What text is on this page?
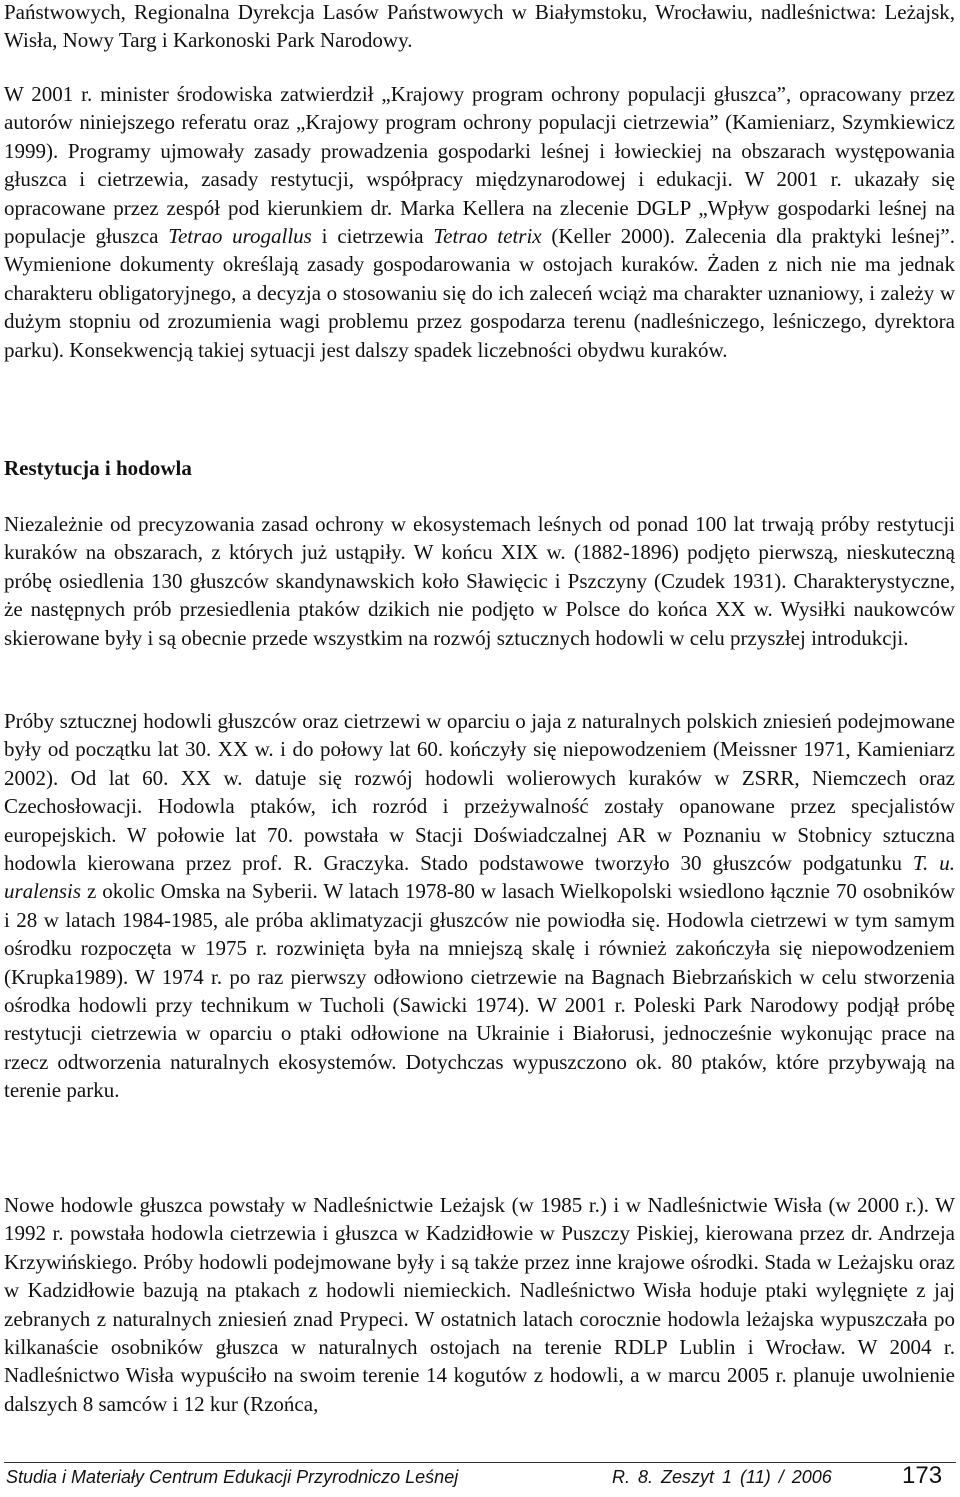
Państwowych, Regionalna Dyrekcja Lasów Państwowych w Białymstoku, Wrocławiu, nadleśnictwa: Leżajsk, Wisła, Nowy Targ i Karkonoski Park Narodowy.

W 2001 r. minister środowiska zatwierdził „Krajowy program ochrony populacji głuszca”, opracowany przez autorów niniejszego referatu oraz „Krajowy program ochrony populacji cietrzewia” (Kamieniarz, Szymkiewicz 1999). Programy ujmowały zasady prowadzenia gospodarki leśnej i łowieckiej na obszarach występowania głuszca i cietrzewia, zasady restytucji, współpracy międzynarodowej i edukacji. W 2001 r. ukazały się opracowane przez zespół pod kierunkiem dr. Marka Kellera na zlecenie DGLP „Wpływ gospodarki leśnej na populacje głuszca Tetrao urogallus i cietrzewia Tetrao tetrix (Keller 2000). Zalecenia dla praktyki leśnej”. Wymienione dokumenty określają zasady gospodarowania w ostojach kuraków. Żaden z nich nie ma jednak charakteru obligatoryjnego, a decyzja o stosowaniu się do ich zaleceń wciąż ma charakter uznaniowy, i zależy w dużym stopniu od zrozumienia wagi problemu przez gospodarza terenu (nadleśniczego, leśniczego, dyrektora parku). Konsekwencją takiej sytuacji jest dalszy spadek liczebności obydwu kuraków.

Restytucja i hodowla

Niezależnie od precyzowania zasad ochrony w ekosystemach leśnych od ponad 100 lat trwają próby restytucji kuraków na obszarach, z których już ustąpiły. W końcu XIX w. (1882-1896) podjęto pierwszą, nieskuteczną próbę osiedlenia 130 głuszców skandynawskich koło Sławięcic i Pszczyny (Czudek 1931). Charakterystyczne, że następnych prób przesiedlenia ptaków dzikich nie podjęto w Polsce do końca XX w. Wysiłki naukowców skierowane były i są obecnie przede wszystkim na rozwój sztucznych hodowli w celu przyszłej introdukcji.

Próby sztucznej hodowli głuszców oraz cietrzewi w oparciu o jaja z naturalnych polskich zniesień podejmowane były od początku lat 30. XX w. i do połowy lat 60. kończyły się niepowodzeniem (Meissner 1971, Kamieniarz 2002). Od lat 60. XX w. datuje się rozwój hodowli wolierowych kuraków w ZSRR, Niemczech oraz Czechosłowacji. Hodowla ptaków, ich rozród i przeżywalność zostały opanowane przez specjalistów europejskich. W połowie lat 70. powstała w Stacji Doświadczalnej AR w Poznaniu w Stobnicy sztuczna hodowla kierowana przez prof. R. Graczyka. Stado podstawowe tworzyło 30 głuszców podgatunku T. u. uralensis z okolic Omska na Syberii. W latach 1978-80 w lasach Wielkopolski wsiedlono łącznie 70 osobników i 28 w latach 1984-1985, ale próba aklimatyzacji głuszców nie powiodła się. Hodowla cietrzewi w tym samym ośrodku rozpoczęta w 1975 r. rozwinięta była na mniejszą skalę i również zakończyła się niepowodzeniem (Krupka1989). W 1974 r. po raz pierwszy odłowiono cietrzewie na Bagnach Biebrzańskich w celu stworzenia ośrodka hodowli przy technikum w Tucholi (Sawicki 1974). W 2001 r. Poleski Park Narodowy podjął próbę restytucji cietrzewia w oparciu o ptaki odłowione na Ukrainie i Białorusi, jednocześnie wykonując prace na rzecz odtworzenia naturalnych ekosystemów. Dotychczas wypuszczono ok. 80 ptaków, które przybywają na terenie parku.

Nowe hodowle głuszca powstały w Nadleśnictwie Leżajsk (w 1985 r.) i w Nadleśnictwie Wisła (w 2000 r.). W 1992 r. powstała hodowla cietrzewia i głuszca w Kadzidłowie w Puszczy Piskiej, kierowana przez dr. Andrzeja Krzywińskiego. Próby hodowli podejmowane były i są także przez inne krajowe ośrodki. Stada w Leżajsku oraz w Kadzidłowie bazują na ptakach z hodowli niemieckich. Nadleśnictwo Wisła hoduje ptaki wylęgnięte z jaj zebranych z naturalnych zniesień znad Prypeci. W ostatnich latach corocznie hodowla leżajska wypuszczała po kilkanaście osobników głuszca w naturalnych ostojach na terenie RDLP Lublin i Wrocław. W 2004 r. Nadleśnictwo Wisła wypuściło na swoim terenie 14 kogutów z hodowli, a w marcu 2005 r. planuje uwolnienie dalszych 8 samców i 12 kur (Rzońca,

Studia i Materiały Centrum Edukacji Przyrodniczo Leśnej	R. 8. Zeszyt 1 (11) / 2006	173
